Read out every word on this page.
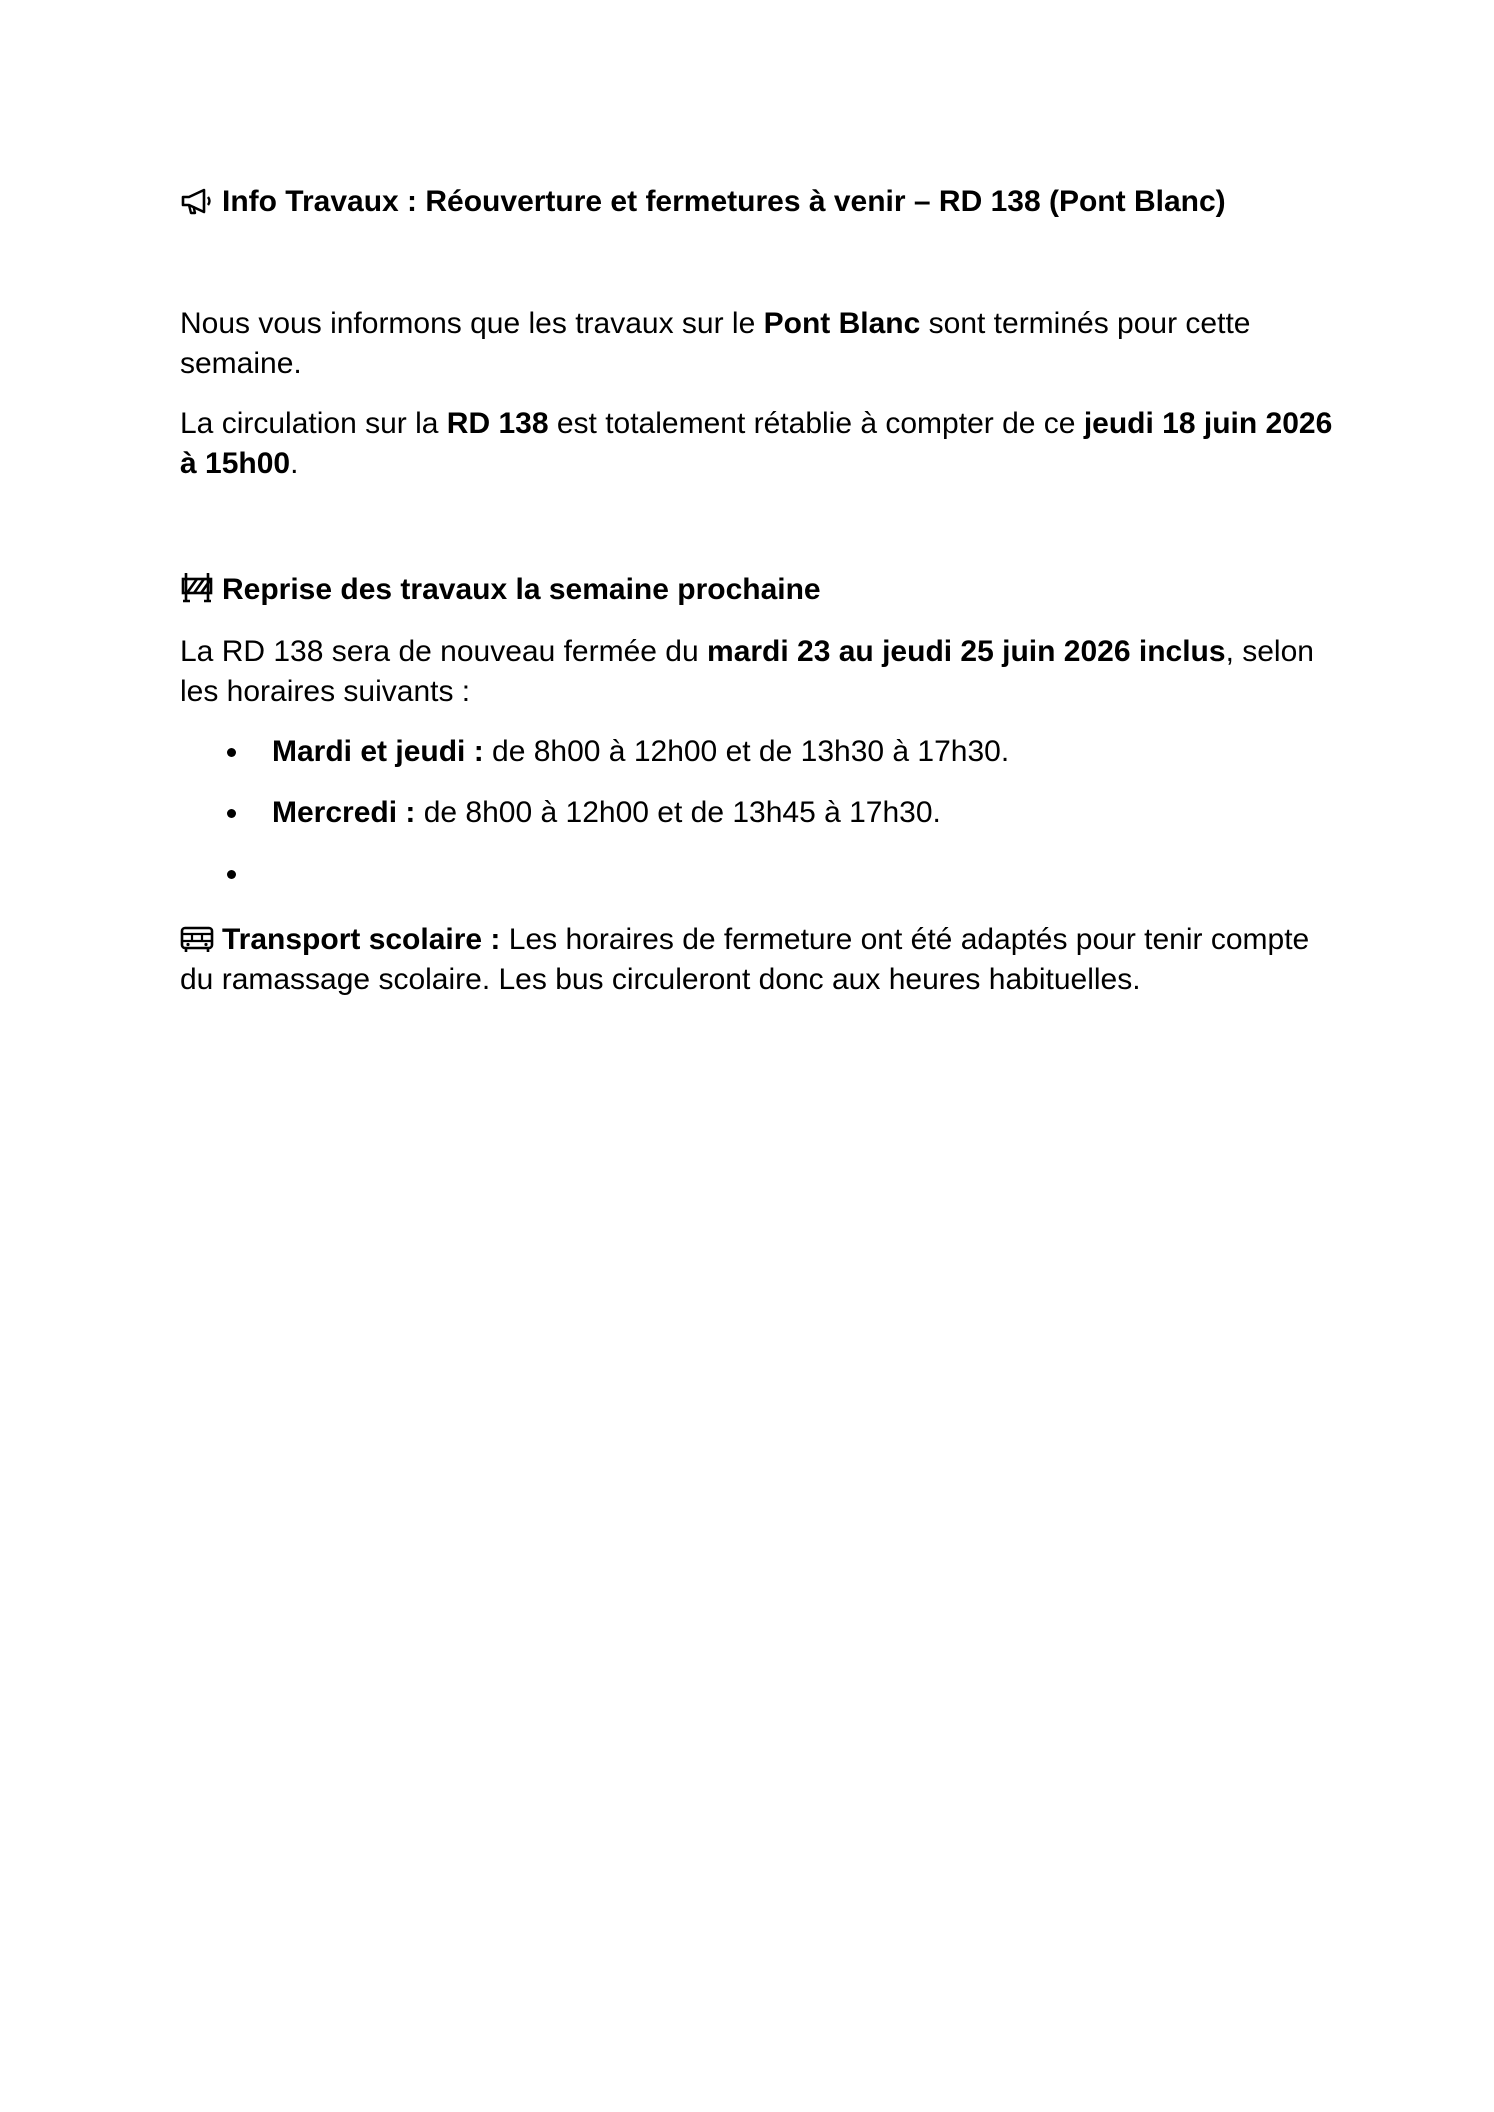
Info Travaux : Réouverture et fermetures à venir – RD 138 (Pont Blanc)
Nous vous informons que les travaux sur le Pont Blanc sont terminés pour cette semaine.
La circulation sur la RD 138 est totalement rétablie à compter de ce jeudi 18 juin 2026 à 15h00.
Reprise des travaux la semaine prochaine
La RD 138 sera de nouveau fermée du mardi 23 au jeudi 25 juin 2026 inclus, selon les horaires suivants :
Mardi et jeudi : de 8h00 à 12h00 et de 13h30 à 17h30.
Mercredi : de 8h00 à 12h00 et de 13h45 à 17h30.
Transport scolaire : Les horaires de fermeture ont été adaptés pour tenir compte du ramassage scolaire. Les bus circuleront donc aux heures habituelles.
